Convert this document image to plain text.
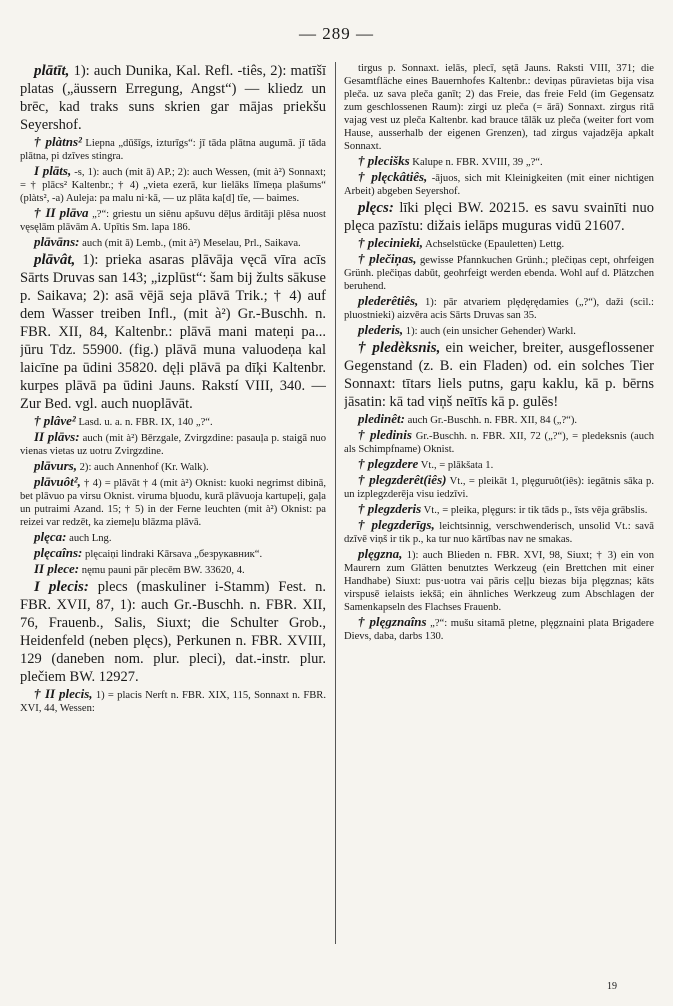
— 289 —

plātīt, 1): auch Dunika, Kal. Refl. -tiês, 2): matīšī platas („äussern Erregung, Angst“) — kliedz un brēc, kad traks suns skrien gar mājas priekšu Seyershof.

† plàtns² Liepna „dūšīgs, izturīgs“: jī tāda plātna augumā. jī tāda plātna, pi dzīves stingra.

I plāts, -s, 1): auch (mit ā) AP.; 2): auch Wessen, (mit à²) Sonnaxt; = † plācs² Kaltenbr.; † 4) „vieta ezerā, kur lielāks līmeņa plašums“ (plàts², -a) Auleja: pa malu ni·kā, — uz plāta ka[d] tīe, — baimes.

† II plāva „?“: griestu un siênu apšuvu dēļus ārditāji plêsa nuost vęsęlām plāvām A. Upītis Sm. lapa 186.

plāvāns: auch (mit ā) Lemb., (mit à²) Meselau, Prl., Saikava.

plāvât, 1): prieka asaras plāvāja vęcā vīra acīs Sārts Druvas san 143; „izplūst“: šam bij žults sākuse p. Saikava; 2): asā vējā seja plāvā Trik.; † 4) auf dem Wasser treiben Infl., (mit à²) Gr.-Buschh. n. FBR. XII, 84, Kaltenbr.: plāvā mani mateņi pa... jūru Tdz. 55900. (fig.) plāvā muna valuodeņa kal laicīne pa ūdini 35820. dęļi plāvā pa dīķi Kaltenbr. kurpes plāvā pa ūdini Jauns. Rakstí VIII, 340. — Zur Bed. vgl. auch nuoplāvāt.

† plâve² Lasd. u. a. n. FBR. IX, 140 „?“.

II plāvs: auch (mit à²) Bērzgale, Zvirgzdine: pasauļa p. staigā nuo vienas vietas uz uotru Zvirgzdine.

plāvurs, 2): auch Annenhof (Kr. Walk).

plāvuôt², † 4) = plāvāt † 4 (mit à²) Oknist: kuoki negrimst dibinā, bet plāvuo pa virsu Oknist. viruma bļuodu, kurā plāvuoja kartupeļi, gaļa un putraimi Azand. 15; † 5) in der Ferne leuchten (mit à²) Oknist: pa reizei var redzēt, ka ziemeļu blāzma plāvā.

plęca: auch Lng.

plęcaîns: plęcaiņi lindraki Kārsava „безрукавник“.

II plece: nęmu pauni pār plecēm BW. 33620, 4.

I plecis: plecs (maskuliner i-Stamm) Fest. n. FBR. XVII, 87, 1): auch Gr.-Buschh. n. FBR. XII, 76, Frauenb., Salis, Siuxt; die Schulter Grob., Heidenfeld (neben plęcs), Perkunen n. FBR. XVIII, 129 (daneben nom. plur. pleci), dat.-instr. plur. plečiem BW. 12927.

† II plecis, 1) = placis Nerft n. FBR. XIX, 115, Sonnaxt n. FBR. XVI, 44, Wessen:

tirgus p. Sonnaxt. ielās, plecī, sętā Jauns. Raksti VIII, 371; die Gesamtfläche eines Bauernhofes Kaltenbr.: deviņas pūravietas bija visa pleča. uz sava pleča ganīt; 2) das Freie, das freie Feld (im Gegensatz zum geschlossenen Raum): zirgi uz pleča (= ārā) Sonnaxt. zirgus ritā vajag vest uz pleča Kaltenbr. kad brauce tālāk uz pleča (weiter fort vom Hause, ausserhalb der eigenen Grenzen), tad zirgus vajadzēja apkalt Sonnaxt.

† plecišks Kalupe n. FBR. XVIII, 39 „?“.

† plęckâtiês, -ājuos, sich mit Kleinigkeiten (mit einer nichtigen Arbeit) abgeben Seyershof.

plęcs: līki plęci BW. 20215. es savu svainīti nuo plęca pazīstu: dižais ielāps muguras vidū 21607.

† plecinieki, Achselstücke (Epauletten) Lettg.

† plečiņas, gewisse Pfannkuchen Grünh.; plečiņas cept, ohrfeigen Grünh. plečiņas dabūt, geohrfeigt werden ebenda. Wohl auf d. Plätzchen beruhend.

plederêtiês, 1): pār atvariem plędęrędamies („?“), daži (scil.: pluostnieki) aizvēra acis Sārts Druvas san 35.

plederis, 1): auch (ein unsicher Gehender) Warkl.

† pledèksnis, ein weicher, breiter, ausgeflossener Gegenstand (z. B. ein Fladen) od. ein solches Tier Sonnaxt: tītars liels putns, gaŗu kaklu, kā p. bērns jāsatin: kā tad viņš neītīs kā p. gulēs!

pledinêt: auch Gr.-Buschh. n. FBR. XII, 84 („?“).

† pledinis Gr.-Buschh. n. FBR. XII, 72 („?“), = pledeksnis (auch als Schimpfname) Oknist.

† plegzdere Vt., = plākšata 1.

† plegzderêt(iês) Vt., = pleikāt 1, plęguruôt(iês): iegātnis sāka p. un izplegzderēja visu iedzīvi.

† plegzderis Vt., = pleika, plęgurs: ir tik tāds p., īsts vēja grābslis.

† plegzderīgs, leichtsinnig, verschwenderisch, unsolid Vt.: savā dzīvē viņš ir tik p., ka tur nuo kārtības nav ne smakas.

plęgzna, 1): auch Blieden n. FBR. XVI, 98, Siuxt; † 3) ein von Maurern zum Glätten benutztes Werkzeug (ein Brettchen mit einer Handhabe) Siuxt: pus·uotra vai pāris ceļļu biezas bija plęgznas; kāts virspusē ielaists iekšā; ein ähnliches Werkzeug zum Abschlagen der Samenkapseln des Flachses Frauenb.

† plęgznaîns „?“: mušu sitamā pletne, plęgznaini plata Brigadere Dievs, daba, darbs 130.

19
